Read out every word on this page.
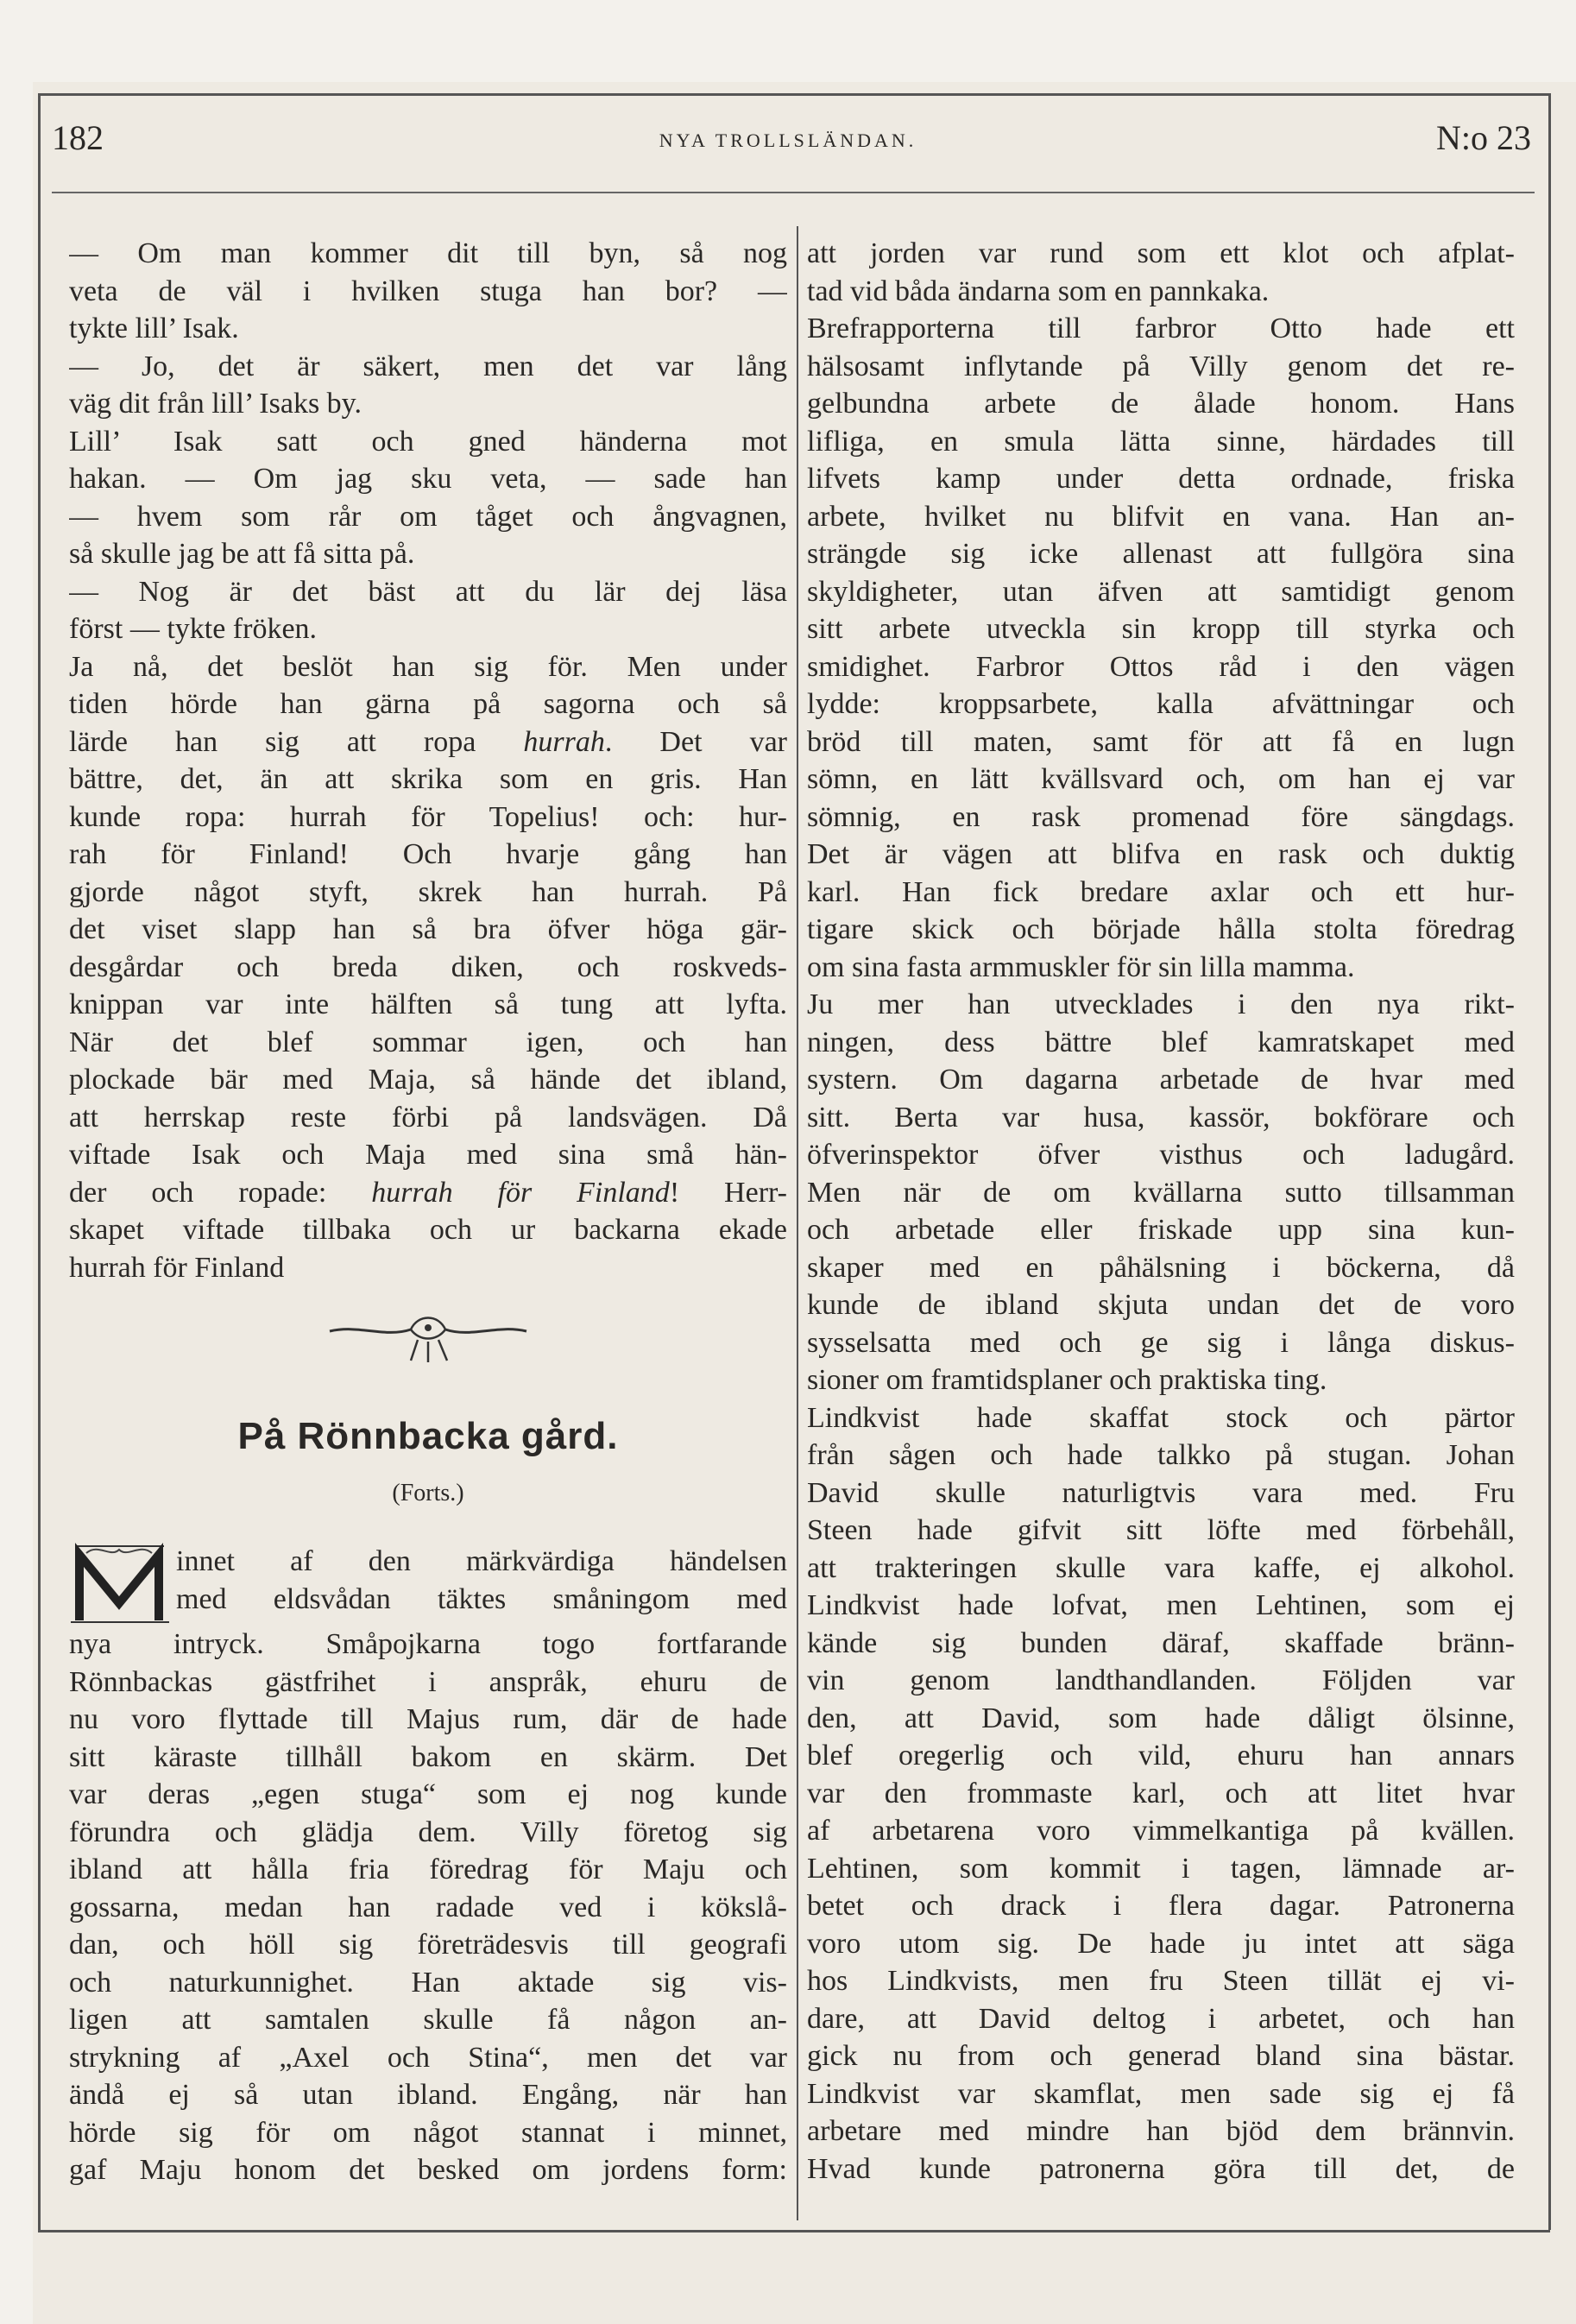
182	NYA TROLLSLÄNDAN.	N:o 23
— Om man kommer dit till byn, så nog
veta de väl i hvilken stuga han bor? —
tykte lill’ Isak.
— Jo, det är säkert, men det var lång
väg dit från lill’ Isaks by.
Lill’ Isak satt och gned händerna mot
hakan. — Om jag sku veta, — sade han
— hvem som rår om tåget och ångvagnen,
så skulle jag be att få sitta på.
— Nog är det bäst att du lär dej läsa
först — tykte fröken.
Ja nå, det beslöt han sig för. Men under
tiden hörde han gärna på sagorna och så
lärde han sig att ropa hurrah. Det var
bättre, det, än att skrika som en gris. Han
kunde ropa: hurrah för Topelius! och: hur-
rah för Finland! Och hvarje gång han
gjorde något styft, skrek han hurrah. På
det viset slapp han så bra öfver höga gär-
desgårdar och breda diken, och roskveds-
knippan var inte hälften så tung att lyfta.
När det blef sommar igen, och han
plockade bär med Maja, så hände det ibland,
att herrskap reste förbi på landsvägen. Då
viftade Isak och Maja med sina små hän-
der och ropade: hurrah för Finland! Herr-
skapet viftade tillbaka och ur backarna ekade
hurrah för Finland
På Rönnbacka gård.
(Forts.)
innet af den märkvärdiga händelsen
med eldsvådan täktes småningom med
nya intryck. Småpojkarna togo fortfarande
Rönnbackas gästfrihet i anspråk, ehuru de
nu voro flyttade till Majus rum, där de hade
sitt käraste tillhåll bakom en skärm. Det
var deras „egen stuga“ som ej nog kunde
förundra och glädja dem. Villy företog sig
ibland att hålla fria föredrag för Maju och
gossarna, medan han radade ved i kökslå-
dan, och höll sig företrädesvis till geografi
och naturkunnighet. Han aktade sig vis-
ligen att samtalen skulle få någon an-
strykning af „Axel och Stina“, men det var
ändå ej så utan ibland. Engång, när han
hörde sig för om något stannat i minnet,
gaf Maju honom det besked om jordens form:
att jorden var rund som ett klot och afplat-
tad vid båda ändarna som en pannkaka.
Brefrapporterna till farbror Otto hade ett
hälsosamt inflytande på Villy genom det re-
gelbundna arbete de ålade honom. Hans
lifliga, en smula lätta sinne, härdades till
lifvets kamp under detta ordnade, friska
arbete, hvilket nu blifvit en vana. Han an-
strängde sig icke allenast att fullgöra sina
skyldigheter, utan äfven att samtidigt genom
sitt arbete utveckla sin kropp till styrka och
smidighet. Farbror Ottos råd i den vägen
lydde: kroppsarbete, kalla afvättningar och
bröd till maten, samt för att få en lugn
sömn, en lätt kvällsvard och, om han ej var
sömnig, en rask promenad före sängdags.
Det är vägen att blifva en rask och duktig
karl. Han fick bredare axlar och ett hur-
tigare skick och började hålla stolta föredrag
om sina fasta armmuskler för sin lilla mamma.
Ju mer han utvecklades i den nya rikt-
ningen, dess bättre blef kamratskapet med
systern. Om dagarna arbetade de hvar med
sitt. Berta var husa, kassör, bokförare och
öfverinspektor öfver visthus och ladugård.
Men när de om kvällarna sutto tillsamman
och arbetade eller friskade upp sina kun-
skaper med en påhälsning i böckerna, då
kunde de ibland skjuta undan det de voro
sysselsatta med och ge sig i långa diskus-
sioner om framtidsplaner och praktiska ting.
Lindkvist hade skaffat stock och pärtor
från sågen och hade talkko på stugan. Johan
David skulle naturligtvis vara med. Fru
Steen hade gifvit sitt löfte med förbehåll,
att trakteringen skulle vara kaffe, ej alkohol.
Lindkvist hade lofvat, men Lehtinen, som ej
kände sig bunden däraf, skaffade bränn-
vin genom landthandlanden. Följden var
den, att David, som hade dåligt ölsinne,
blef oregerlig och vild, ehuru han annars
var den frommaste karl, och att litet hvar
af arbetarena voro vimmelkantiga på kvällen.
Lehtinen, som kommit i tagen, lämnade ar-
betet och drack i flera dagar. Patronerna
voro utom sig. De hade ju intet att säga
hos Lindkvists, men fru Steen tillät ej vi-
dare, att David deltog i arbetet, och han
gick nu from och generad bland sina bästar.
Lindkvist var skamflat, men sade sig ej få
arbetare med mindre han bjöd dem brännvin.
Hvad kunde patronerna göra till det, de
